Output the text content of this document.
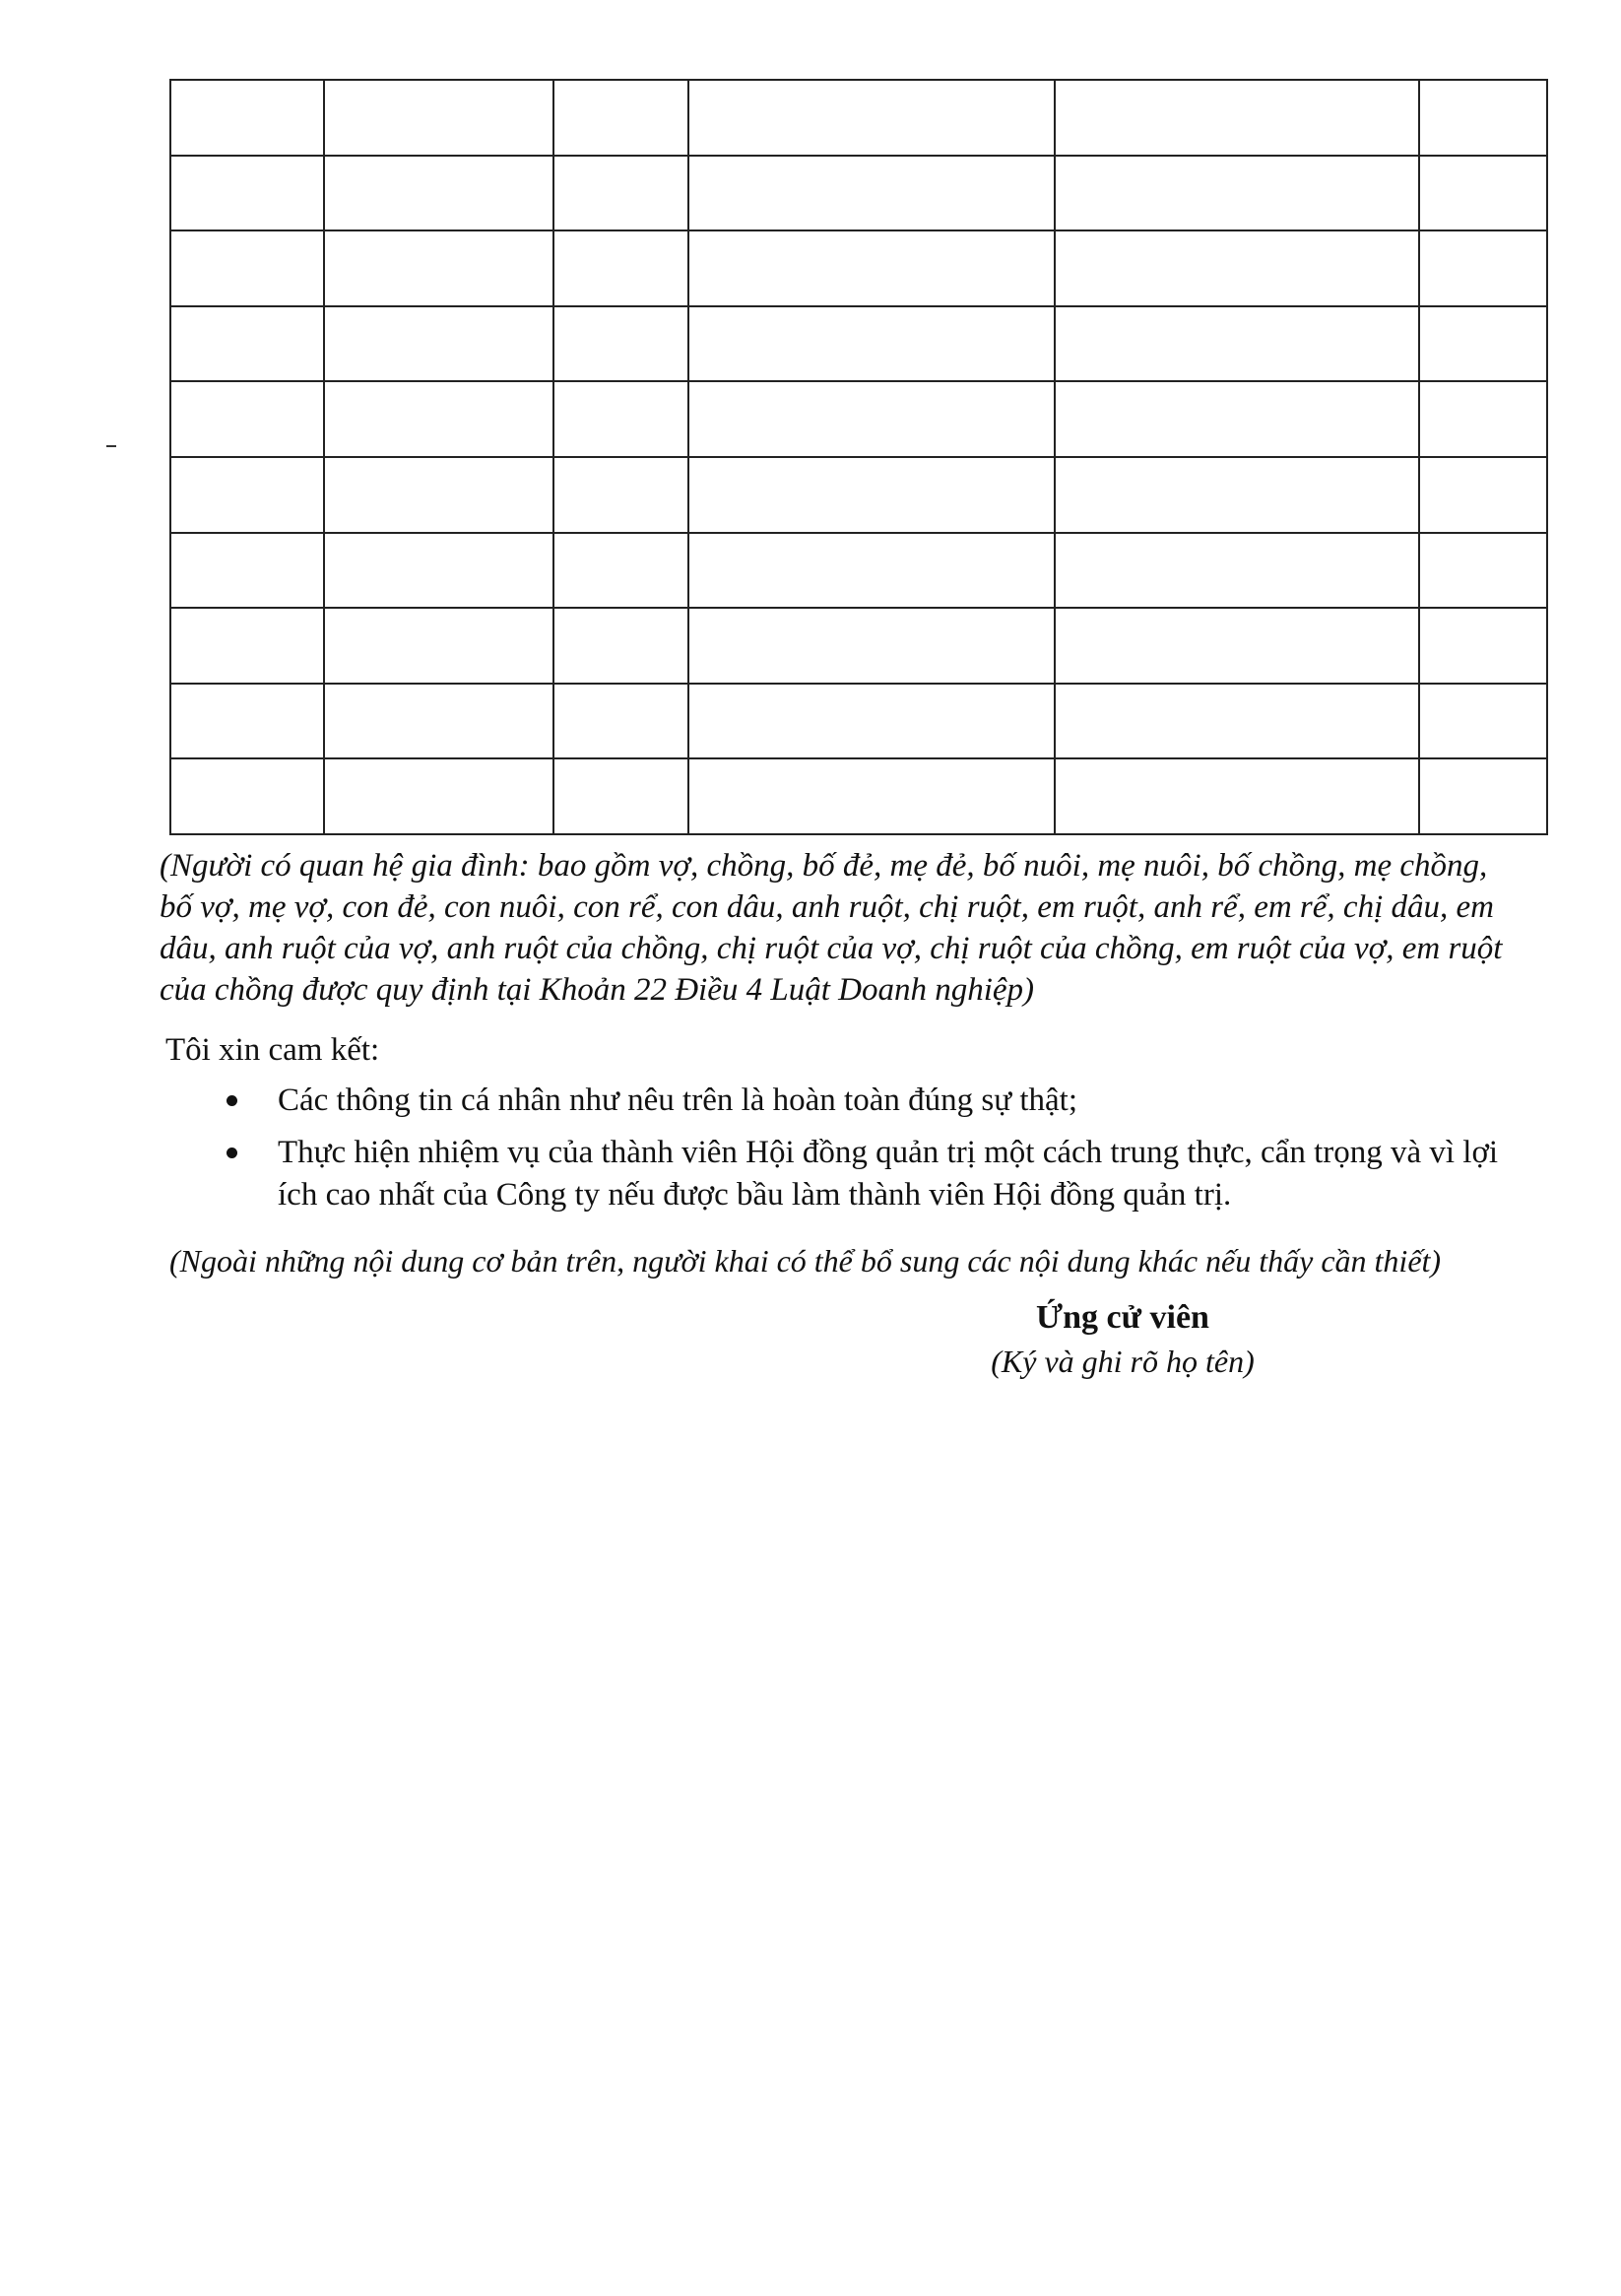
(Người có quan hệ gia đình: bao gồm vợ, chồng, bố đẻ, mẹ đẻ, bố nuôi, mẹ nuôi, bố chồng, mẹ chồng, bố vợ, mẹ vợ, con đẻ, con nuôi, con rể, con dâu, anh ruột, chị ruột, em ruột, anh rể, em rể, chị dâu, em dâu, anh ruột của vợ, anh ruột của chồng, chị ruột của vợ, chị ruột của chồng, em ruột của vợ, em ruột của chồng được quy định tại Khoản 22 Điều 4 Luật Doanh nghiệp)

Tôi xin cam kết:

Các thông tin cá nhân như nêu trên là hoàn toàn đúng sự thật;
Thực hiện nhiệm vụ của thành viên Hội đồng quản trị một cách trung thực, cẩn trọng và vì lợi ích cao nhất của Công ty nếu được bầu làm thành viên Hội đồng quản trị.

(Ngoài những nội dung cơ bản trên, người khai có thể bổ sung các nội dung khác nếu thấy cần thiết)

Ứng cử viên

(Ký và ghi rõ họ tên)
